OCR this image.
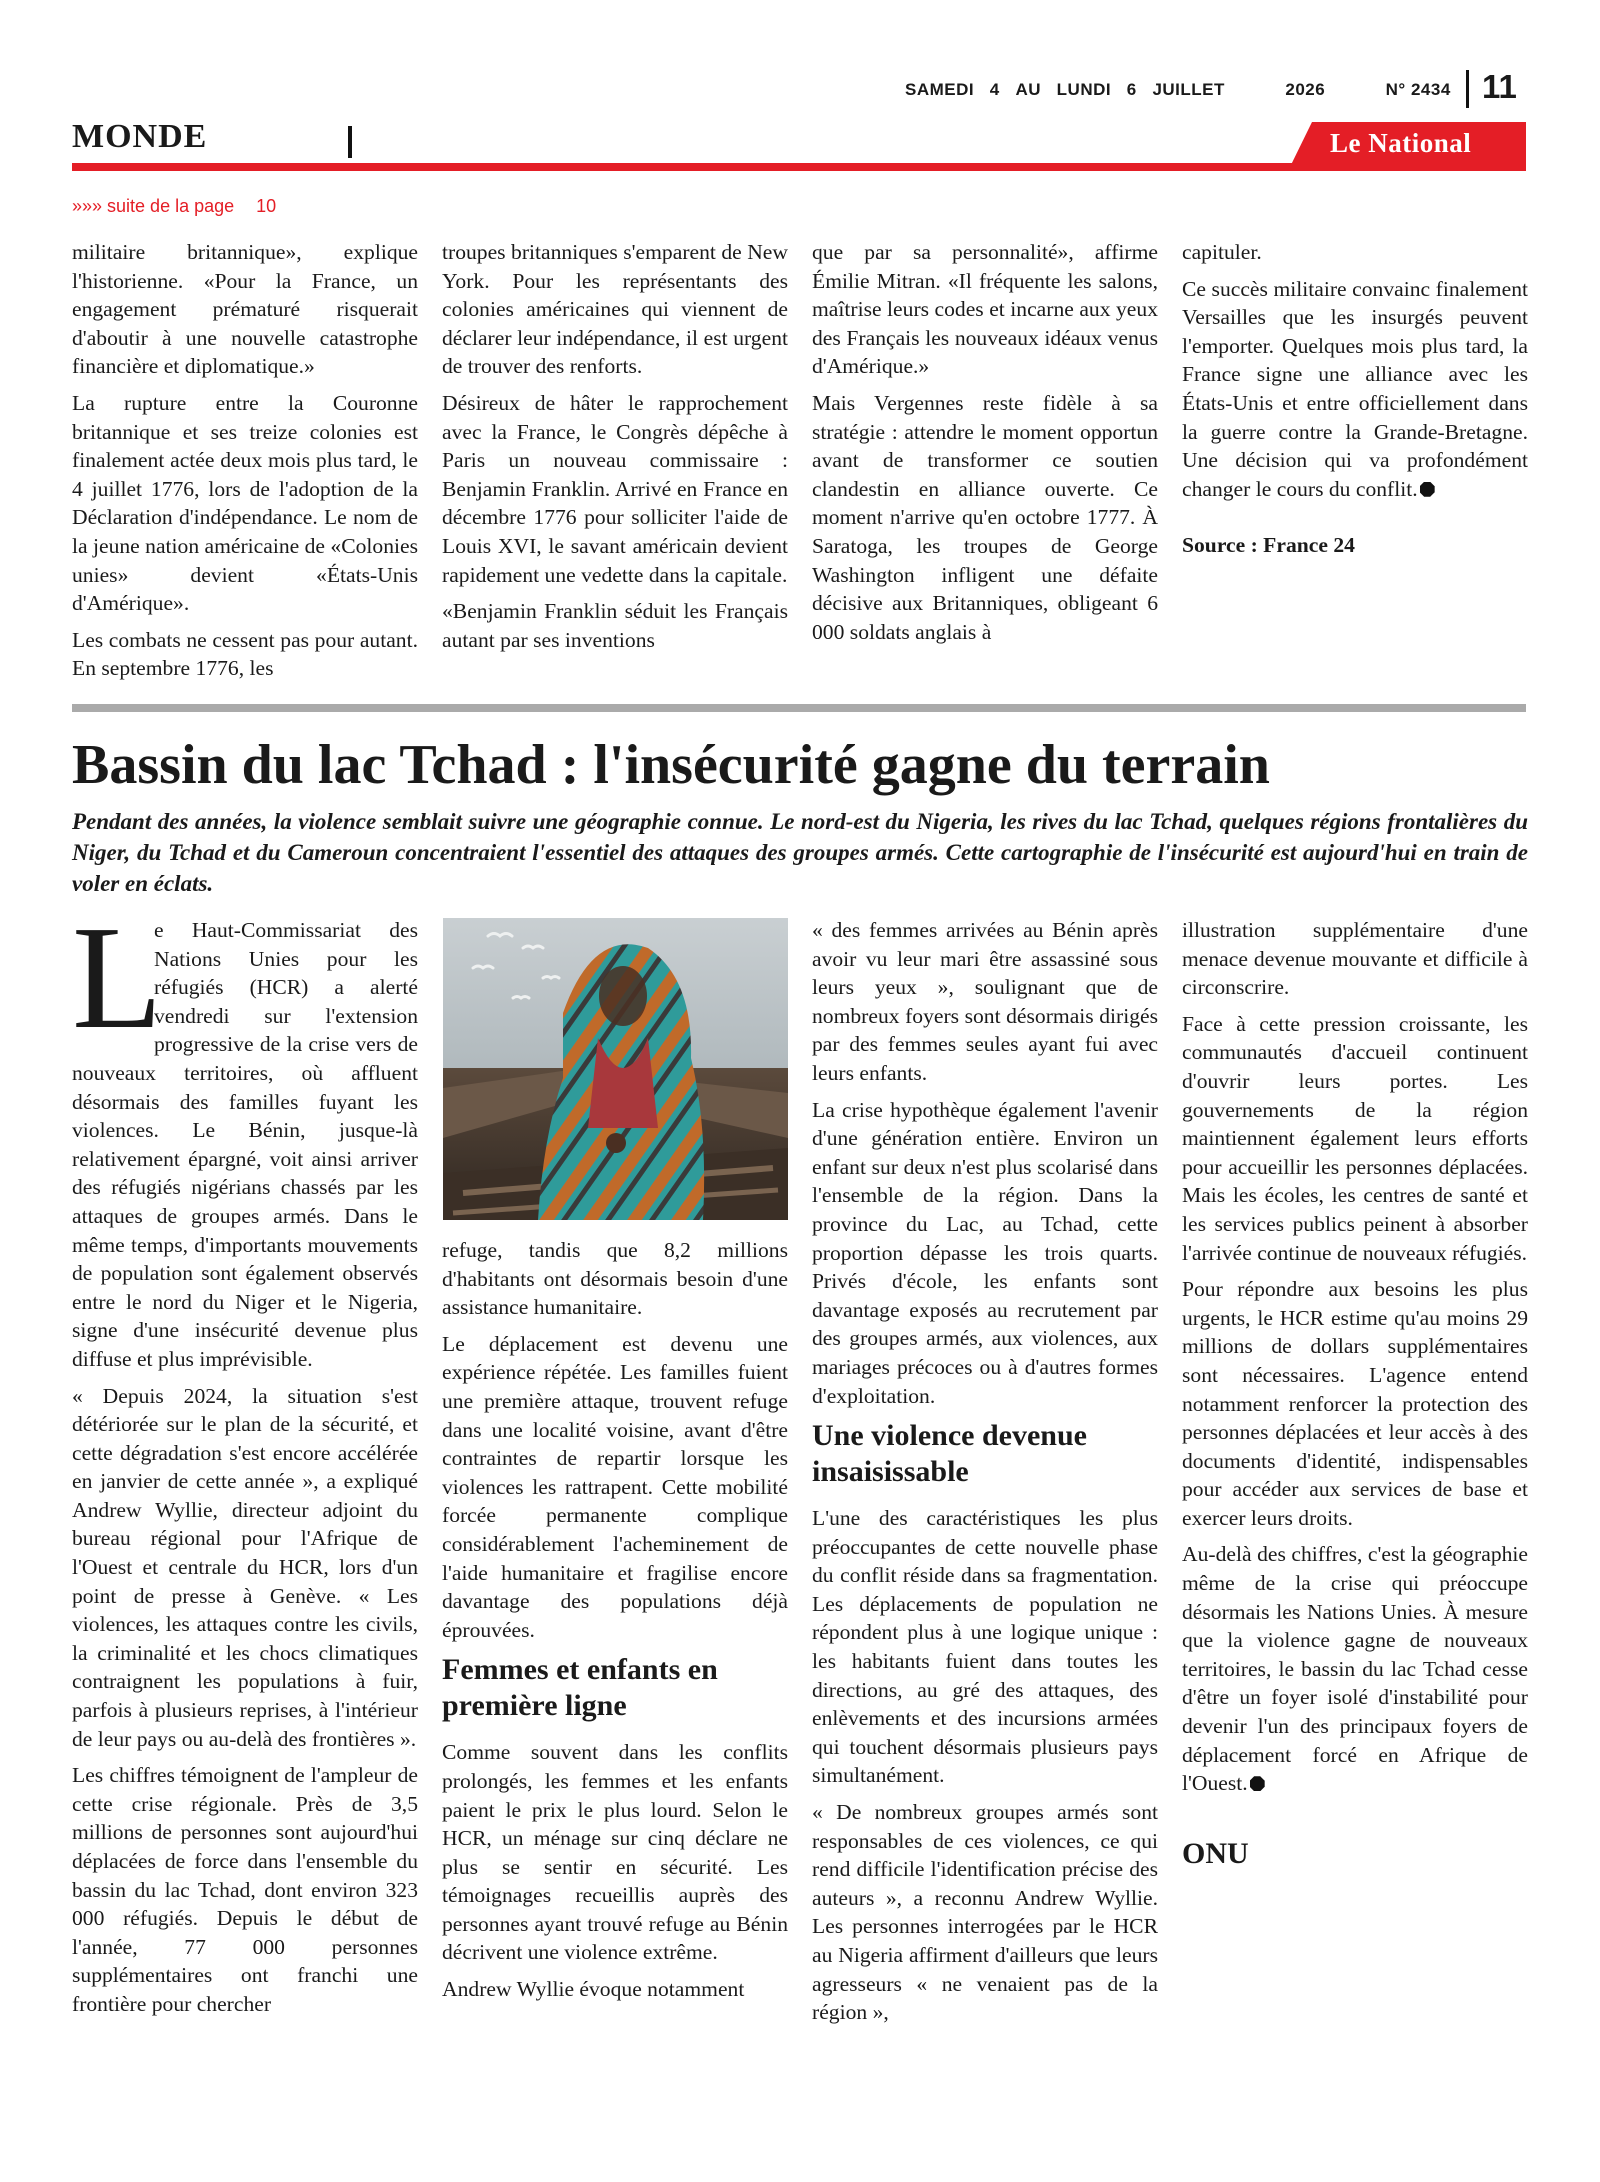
SAMEDI 4 AU LUNDI 6 JUILLET	2026	N° 2434 11
MONDE	Le National
»»» suite de la page 10

militaire britannique», explique l'historienne. «Pour la France, un engagement prématuré risquerait d'aboutir à une nouvelle catastrophe financière et diplomatique.»

La rupture entre la Couronne britannique et ses treize colonies est finalement actée deux mois plus tard, le 4 juillet 1776, lors de l'adoption de la Déclaration d'indépendance. Le nom de la jeune nation américaine de «Colonies unies» devient «États-Unis d'Amérique».

Les combats ne cessent pas pour autant. En septembre 1776, les

troupes britanniques s'emparent de New York. Pour les représentants des colonies américaines qui viennent de déclarer leur indépendance, il est urgent de trouver des renforts.

Désireux de hâter le rapprochement avec la France, le Congrès dépêche à Paris un nouveau commissaire : Benjamin Franklin. Arrivé en France en décembre 1776 pour solliciter l'aide de Louis XVI, le savant américain devient rapidement une vedette dans la capitale.

«Benjamin Franklin séduit les Français autant par ses inventions

que par sa personnalité», affirme Émilie Mitran. «Il fréquente les salons, maîtrise leurs codes et incarne aux yeux des Français les nouveaux idéaux venus d'Amérique.»

Mais Vergennes reste fidèle à sa stratégie : attendre le moment opportun avant de transformer ce soutien clandestin en alliance ouverte. Ce moment n'arrive qu'en octobre 1777. À Saratoga, les troupes de George Washington infligent une défaite décisive aux Britanniques, obligeant 6 000 soldats anglais à

capituler.

Ce succès militaire convainc finalement Versailles que les insurgés peuvent l'emporter. Quelques mois plus tard, la France signe une alliance avec les États-Unis et entre officiellement dans la guerre contre la Grande-Bretagne. Une décision qui va profondément changer le cours du conflit.

Source : France 24

Bassin du lac Tchad : l'insécurité gagne du terrain
Pendant des années, la violence semblait suivre une géographie connue. Le nord-est du Nigeria, les rives du lac Tchad, quelques régions frontalières du Niger, du Tchad et du Cameroun concentraient l'essentiel des attaques des groupes armés. Cette cartographie de l'insécurité est aujourd'hui en train de voler en éclats.
L

e Haut-Commissariat des Nations Unies pour les réfugiés (HCR) a alerté vendredi sur l'extension progressive de la crise vers de nouveaux territoires, où affluent désormais des familles fuyant les violences. Le Bénin, jusque-là relativement épargné, voit ainsi arriver des réfugiés nigérians chassés par les attaques de groupes armés. Dans le même temps, d'importants mouvements de population sont également observés entre le nord du Niger et le Nigeria, signe d'une insécurité devenue plus diffuse et plus imprévisible.

« Depuis 2024, la situation s'est détériorée sur le plan de la sécurité, et cette dégradation s'est encore accélérée en janvier de cette année », a expliqué Andrew Wyllie, directeur adjoint du bureau régional pour l'Afrique de l'Ouest et centrale du HCR, lors d'un point de presse à Genève. « Les violences, les attaques contre les civils, la criminalité et les chocs climatiques contraignent les populations à fuir, parfois à plusieurs reprises, à l'intérieur de leur pays ou au-delà des frontières ».

Les chiffres témoignent de l'ampleur de cette crise régionale. Près de 3,5 millions de personnes sont aujourd'hui déplacées de force dans l'ensemble du bassin du lac Tchad, dont environ 323 000 réfugiés. Depuis le début de l'année, 77 000 personnes supplémentaires ont franchi une frontière pour chercher

refuge, tandis que 8,2 millions d'habitants ont désormais besoin d'une assistance humanitaire.

Le déplacement est devenu une expérience répétée. Les familles fuient une première attaque, trouvent refuge dans une localité voisine, avant d'être contraintes de repartir lorsque les violences les rattrapent. Cette mobilité forcée permanente complique considérablement l'acheminement de l'aide humanitaire et fragilise encore davantage des populations déjà éprouvées.

Femmes et enfants en première ligne

Comme souvent dans les conflits prolongés, les femmes et les enfants paient le prix le plus lourd. Selon le HCR, un ménage sur cinq déclare ne plus se sentir en sécurité. Les témoignages recueillis auprès des personnes ayant trouvé refuge au Bénin décrivent une violence extrême.

Andrew Wyllie évoque notamment

« des femmes arrivées au Bénin après avoir vu leur mari être assassiné sous leurs yeux », soulignant que de nombreux foyers sont désormais dirigés par des femmes seules ayant fui avec leurs enfants.

La crise hypothèque également l'avenir d'une génération entière. Environ un enfant sur deux n'est plus scolarisé dans l'ensemble de la région. Dans la province du Lac, au Tchad, cette proportion dépasse les trois quarts. Privés d'école, les enfants sont davantage exposés au recrutement par des groupes armés, aux violences, aux mariages précoces ou à d'autres formes d'exploitation.

Une violence devenue insaisissable

L'une des caractéristiques les plus préoccupantes de cette nouvelle phase du conflit réside dans sa fragmentation. Les déplacements de population ne répondent plus à une logique unique : les habitants fuient dans toutes les directions, au gré des attaques, des enlèvements et des incursions armées qui touchent désormais plusieurs pays simultanément.

« De nombreux groupes armés sont responsables de ces violences, ce qui rend difficile l'identification précise des auteurs », a reconnu Andrew Wyllie. Les personnes interrogées par le HCR au Nigeria affirment d'ailleurs que leurs agresseurs « ne venaient pas de la région »,

illustration supplémentaire d'une menace devenue mouvante et difficile à circonscrire.

Face à cette pression croissante, les communautés d'accueil continuent d'ouvrir leurs portes. Les gouvernements de la région maintiennent également leurs efforts pour accueillir les personnes déplacées. Mais les écoles, les centres de santé et les services publics peinent à absorber l'arrivée continue de nouveaux réfugiés.

Pour répondre aux besoins les plus urgents, le HCR estime qu'au moins 29 millions de dollars supplémentaires sont nécessaires. L'agence entend notamment renforcer la protection des personnes déplacées et leur accès à des documents d'identité, indispensables pour accéder aux services de base et exercer leurs droits.

Au-delà des chiffres, c'est la géographie même de la crise qui préoccupe désormais les Nations Unies. À mesure que la violence gagne de nouveaux territoires, le bassin du lac Tchad cesse d'être un foyer isolé d'instabilité pour devenir l'un des principaux foyers de déplacement forcé en Afrique de l'Ouest.

ONU
